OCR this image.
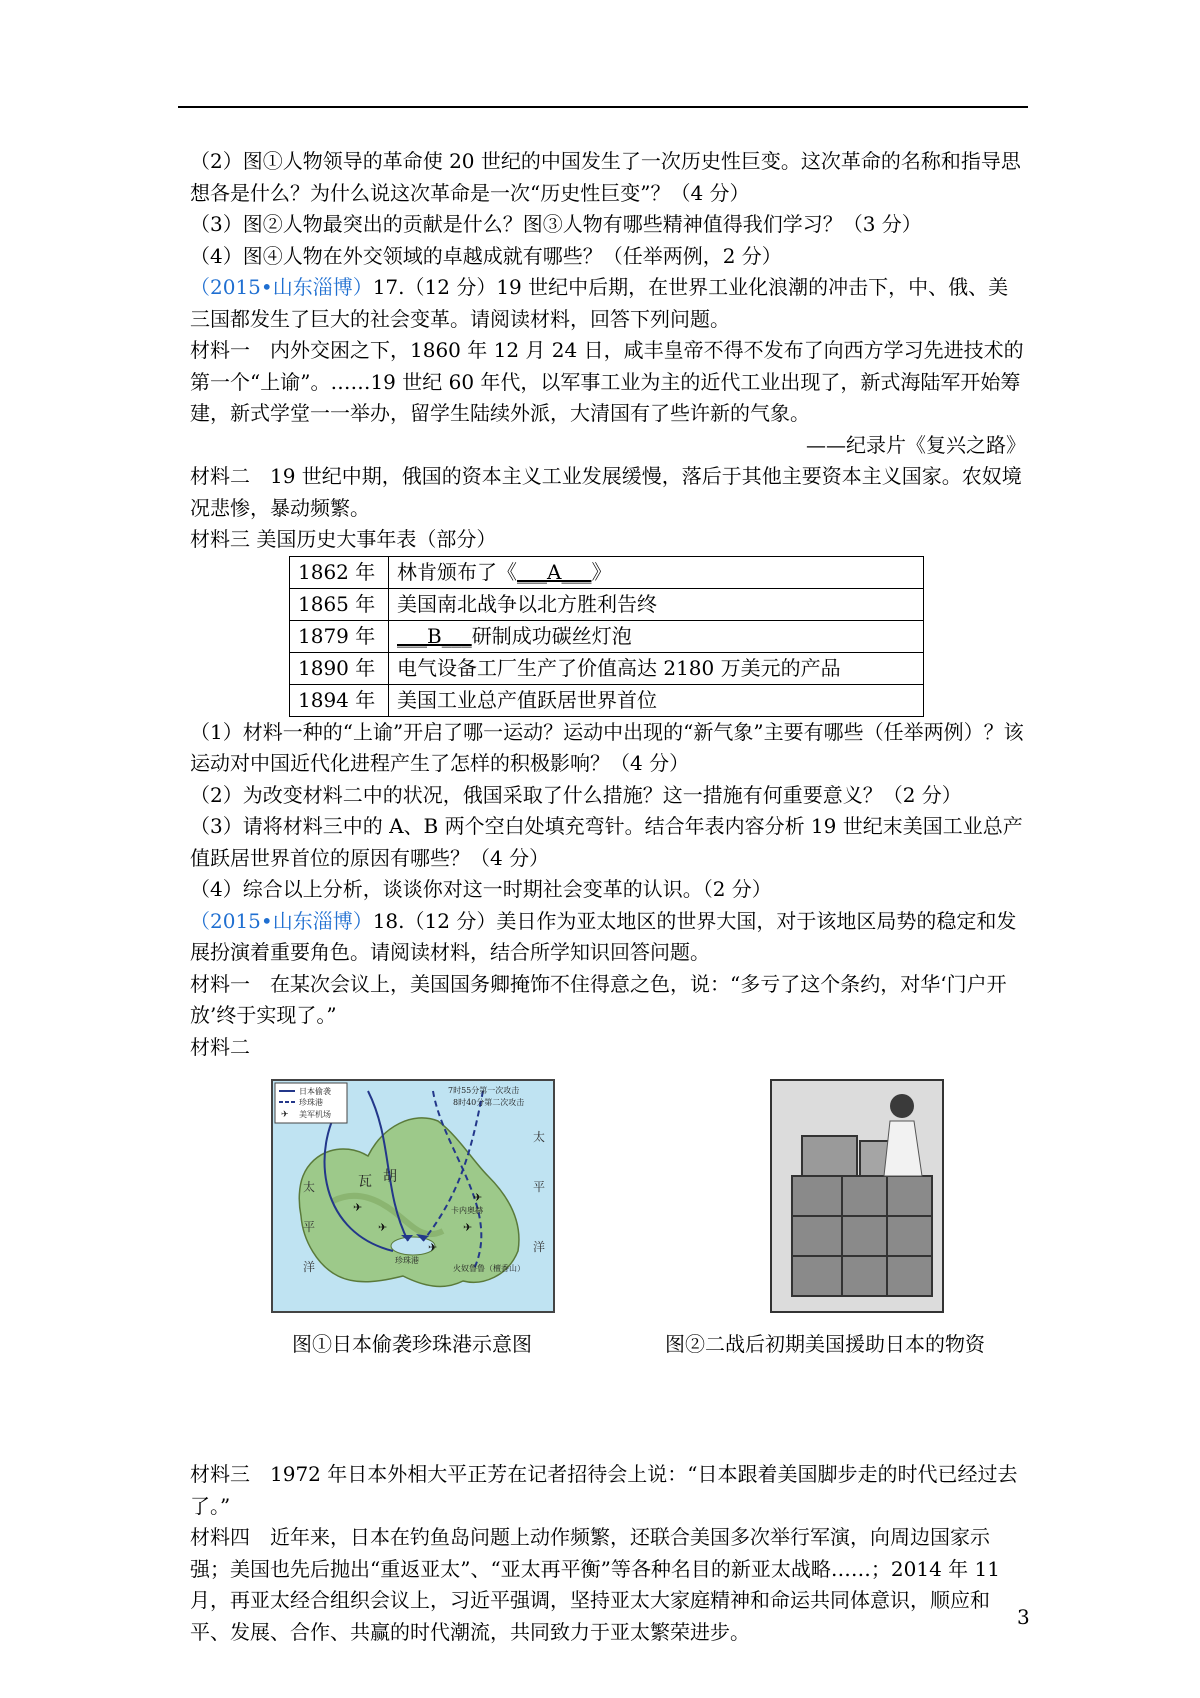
（2）图①人物领导的革命使 20 世纪的中国发生了一次历史性巨变。这次革命的名称和指导思想各是什么？为什么说这次革命是一次“历史性巨变”？（4 分）

（3）图②人物最突出的贡献是什么？图③人物有哪些精神值得我们学习？（3 分）

（4）图④人物在外交领域的卓越成就有哪些？（任举两例，2 分）

（2015•山东淄博）17.（12 分）19 世纪中后期，在世界工业化浪潮的冲击下，中、俄、美三国都发生了巨大的社会变革。请阅读材料，回答下列问题。

材料一　内外交困之下，1860 年 12 月 24 日，咸丰皇帝不得不发布了向西方学习先进技术的第一个“上谕”。……19 世纪 60 年代，以军事工业为主的近代工业出现了，新式海陆军开始筹建，新式学堂一一举办，留学生陆续外派，大清国有了些许新的气象。

——纪录片《复兴之路》

材料二　19 世纪中期，俄国的资本主义工业发展缓慢，落后于其他主要资本主义国家。农奴境况悲惨，暴动频繁。

材料三 美国历史大事年表（部分）

1862 年	林肯颁布了《___A___》
1865 年	美国南北战争以北方胜利告终
1879 年	___B___研制成功碳丝灯泡
1890 年	电气设备工厂生产了价值高达 2180 万美元的产品
1894 年	美国工业总产值跃居世界首位

（1）材料一种的“上谕”开启了哪一运动？运动中出现的“新气象”主要有哪些（任举两例）？该运动对中国近代化进程产生了怎样的积极影响？（4 分）

（2）为改变材料二中的状况，俄国采取了什么措施？这一措施有何重要意义？（2 分）

（3）请将材料三中的 A、B 两个空白处填充弯针。结合年表内容分析 19 世纪末美国工业总产值跃居世界首位的原因有哪些？（4 分）

（4）综合以上分析，谈谈你对这一时期社会变革的认识。（2 分）

（2015•山东淄博）18.（12 分）美日作为亚太地区的世界大国，对于该地区局势的稳定和发展扮演着重要角色。请阅读材料，结合所学知识回答问题。

材料一　在某次会议上，美国国务卿掩饰不住得意之色，说：“多亏了这个条约，对华‘门户开放’终于实现了。”

材料二

7时55分第一次攻击
8时40分第二次攻击
日本偷袭
珍珠港
✈ 美军机场
太
平
洋
太
平
洋
瓦 胡
卡内奥赫
火奴鲁鲁（檀香山）
珍珠港
✈
✈
✈
✈
✈
图①日本偷袭珍珠港示意图	图②二战后初期美国援助日本的物资

材料三　1972 年日本外相大平正芳在记者招待会上说：“日本跟着美国脚步走的时代已经过去了。”

材料四　近年来，日本在钓鱼岛问题上动作频繁，还联合美国多次举行军演，向周边国家示强；美国也先后抛出“重返亚太”、“亚太再平衡”等各种名目的新亚太战略……；2014 年 11 月，再亚太经合组织会议上，习近平强调，坚持亚太大家庭精神和命运共同体意识，顺应和平、发展、合作、共赢的时代潮流，共同致力于亚太繁荣进步。

3
